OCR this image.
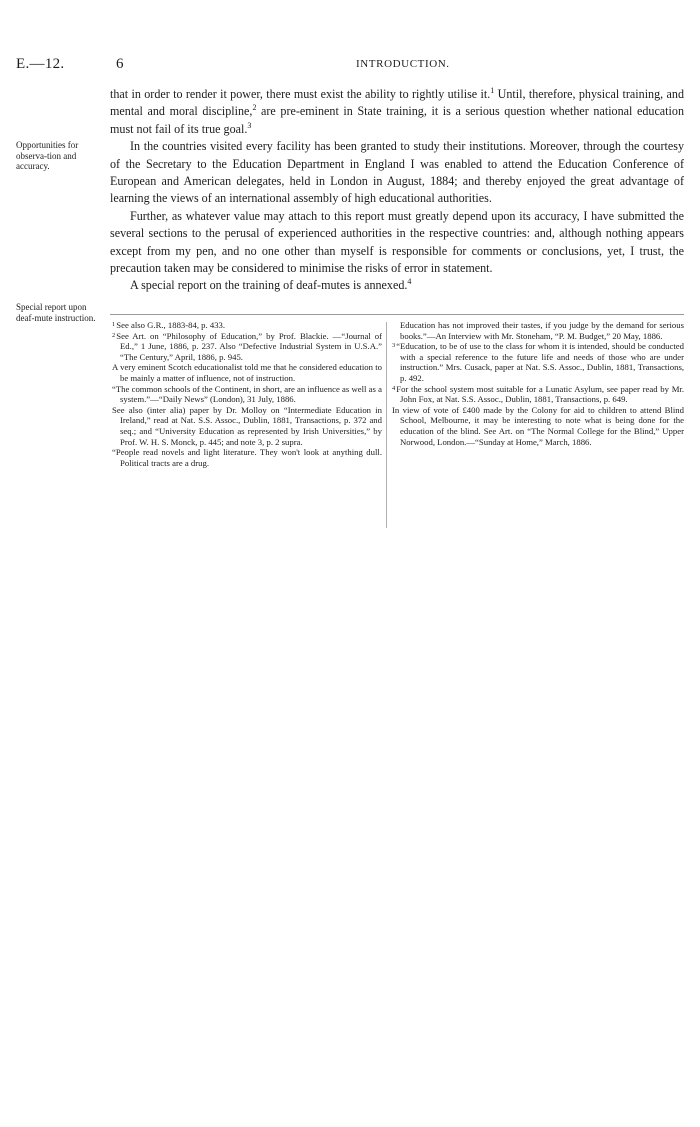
E.—12.	6	INTRODUCTION.

that in order to render it power, there must exist the ability to rightly utilise it.$^1$ Until, therefore, physical training, and mental and moral discipline,$^2$ are pre-eminent in State training, it is a serious question whether national education must not fail of its true goal.$^3$

In the countries visited every facility has been granted to study their institutions. Moreover, through the courtesy of the Secretary to the Education Department in England I was enabled to attend the Education Conference of European and American delegates, held in London in August, 1884; and thereby enjoyed the great advantage of learning the views of an international assembly of high educational authorities.

Further, as whatever value may attach to this report must greatly depend upon its accuracy, I have submitted the several sections to the perusal of experienced authorities in the respective countries: and, although nothing appears except from my pen, and no one other than myself is responsible for comments or conclusions, yet, I trust, the precaution taken may be considered to minimise the risks of error in statement.

A special report on the training of deaf-mutes is annexed.$^4$

Opportunities for observa-tion and accuracy.
Special report upon deaf-mute instruction.

$^1$See also G.R., 1883-84, p. 433.

$^2$See Art. on “Philosophy of Education,” by Prof. Blackie. —“Journal of Ed.,” 1 June, 1886, p. 237. Also “Defective Industrial System in U.S.A.” “The Century,” April, 1886, p. 945.

A very eminent Scotch educationalist told me that he considered education to be mainly a matter of influence, not of instruction.

“The common schools of the Continent, in short, are an influence as well as a system.”—“Daily News” (London), 31 July, 1886.

See also (inter alia) paper by Dr. Molloy on “Intermediate Education in Ireland,” read at Nat. S.S. Assoc., Dublin, 1881, Transactions, p. 372 and seq.; and “University Education as represented by Irish Universities,” by Prof. W. H. S. Monck, p. 445; and note 3, p. 2 supra.

“People read novels and light literature. They won't look at anything dull. Political tracts are a drug.

Education has not improved their tastes, if you judge by the demand for serious books.”—An Interview with Mr. Stoneham, “P. M. Budget,” 20 May, 1886.

$^3$“Education, to be of use to the class for whom it is intended, should be conducted with a special reference to the future life and needs of those who are under instruction.” Mrs. Cusack, paper at Nat. S.S. Assoc., Dublin, 1881, Transactions, p. 492.

$^4$For the school system most suitable for a Lunatic Asylum, see paper read by Mr. John Fox, at Nat. S.S. Assoc., Dublin, 1881, Transactions, p. 649.

In view of vote of £400 made by the Colony for aid to children to attend Blind School, Melbourne, it may be interesting to note what is being done for the education of the blind. See Art. on “The Normal College for the Blind,” Upper Norwood, London.—“Sunday at Home,” March, 1886.
